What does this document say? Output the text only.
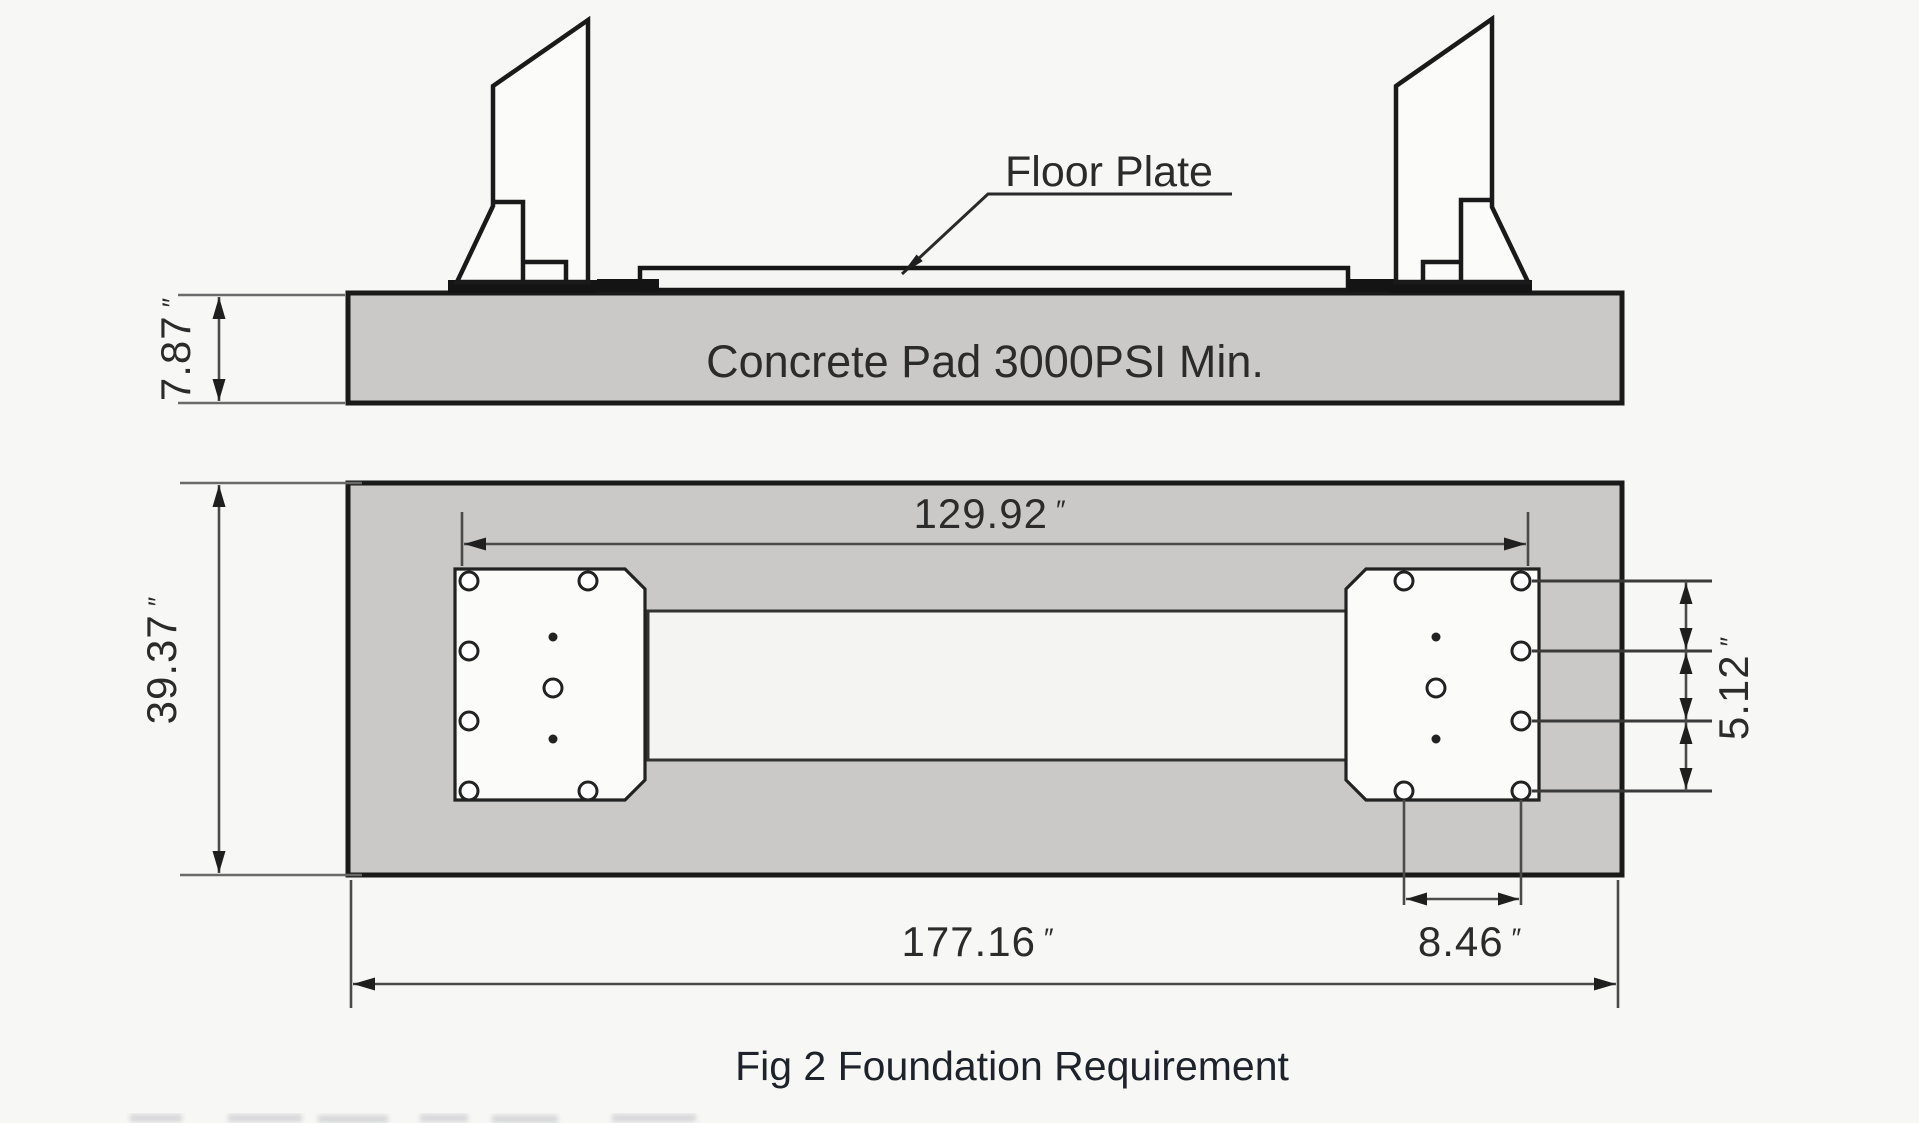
Concrete Pad 3000PSI Min.
Floor Plate
7.87″
129.92 ″
39.37″
5.12″
8.46 ″
177.16 ″
Fig 2 Foundation Requirement
